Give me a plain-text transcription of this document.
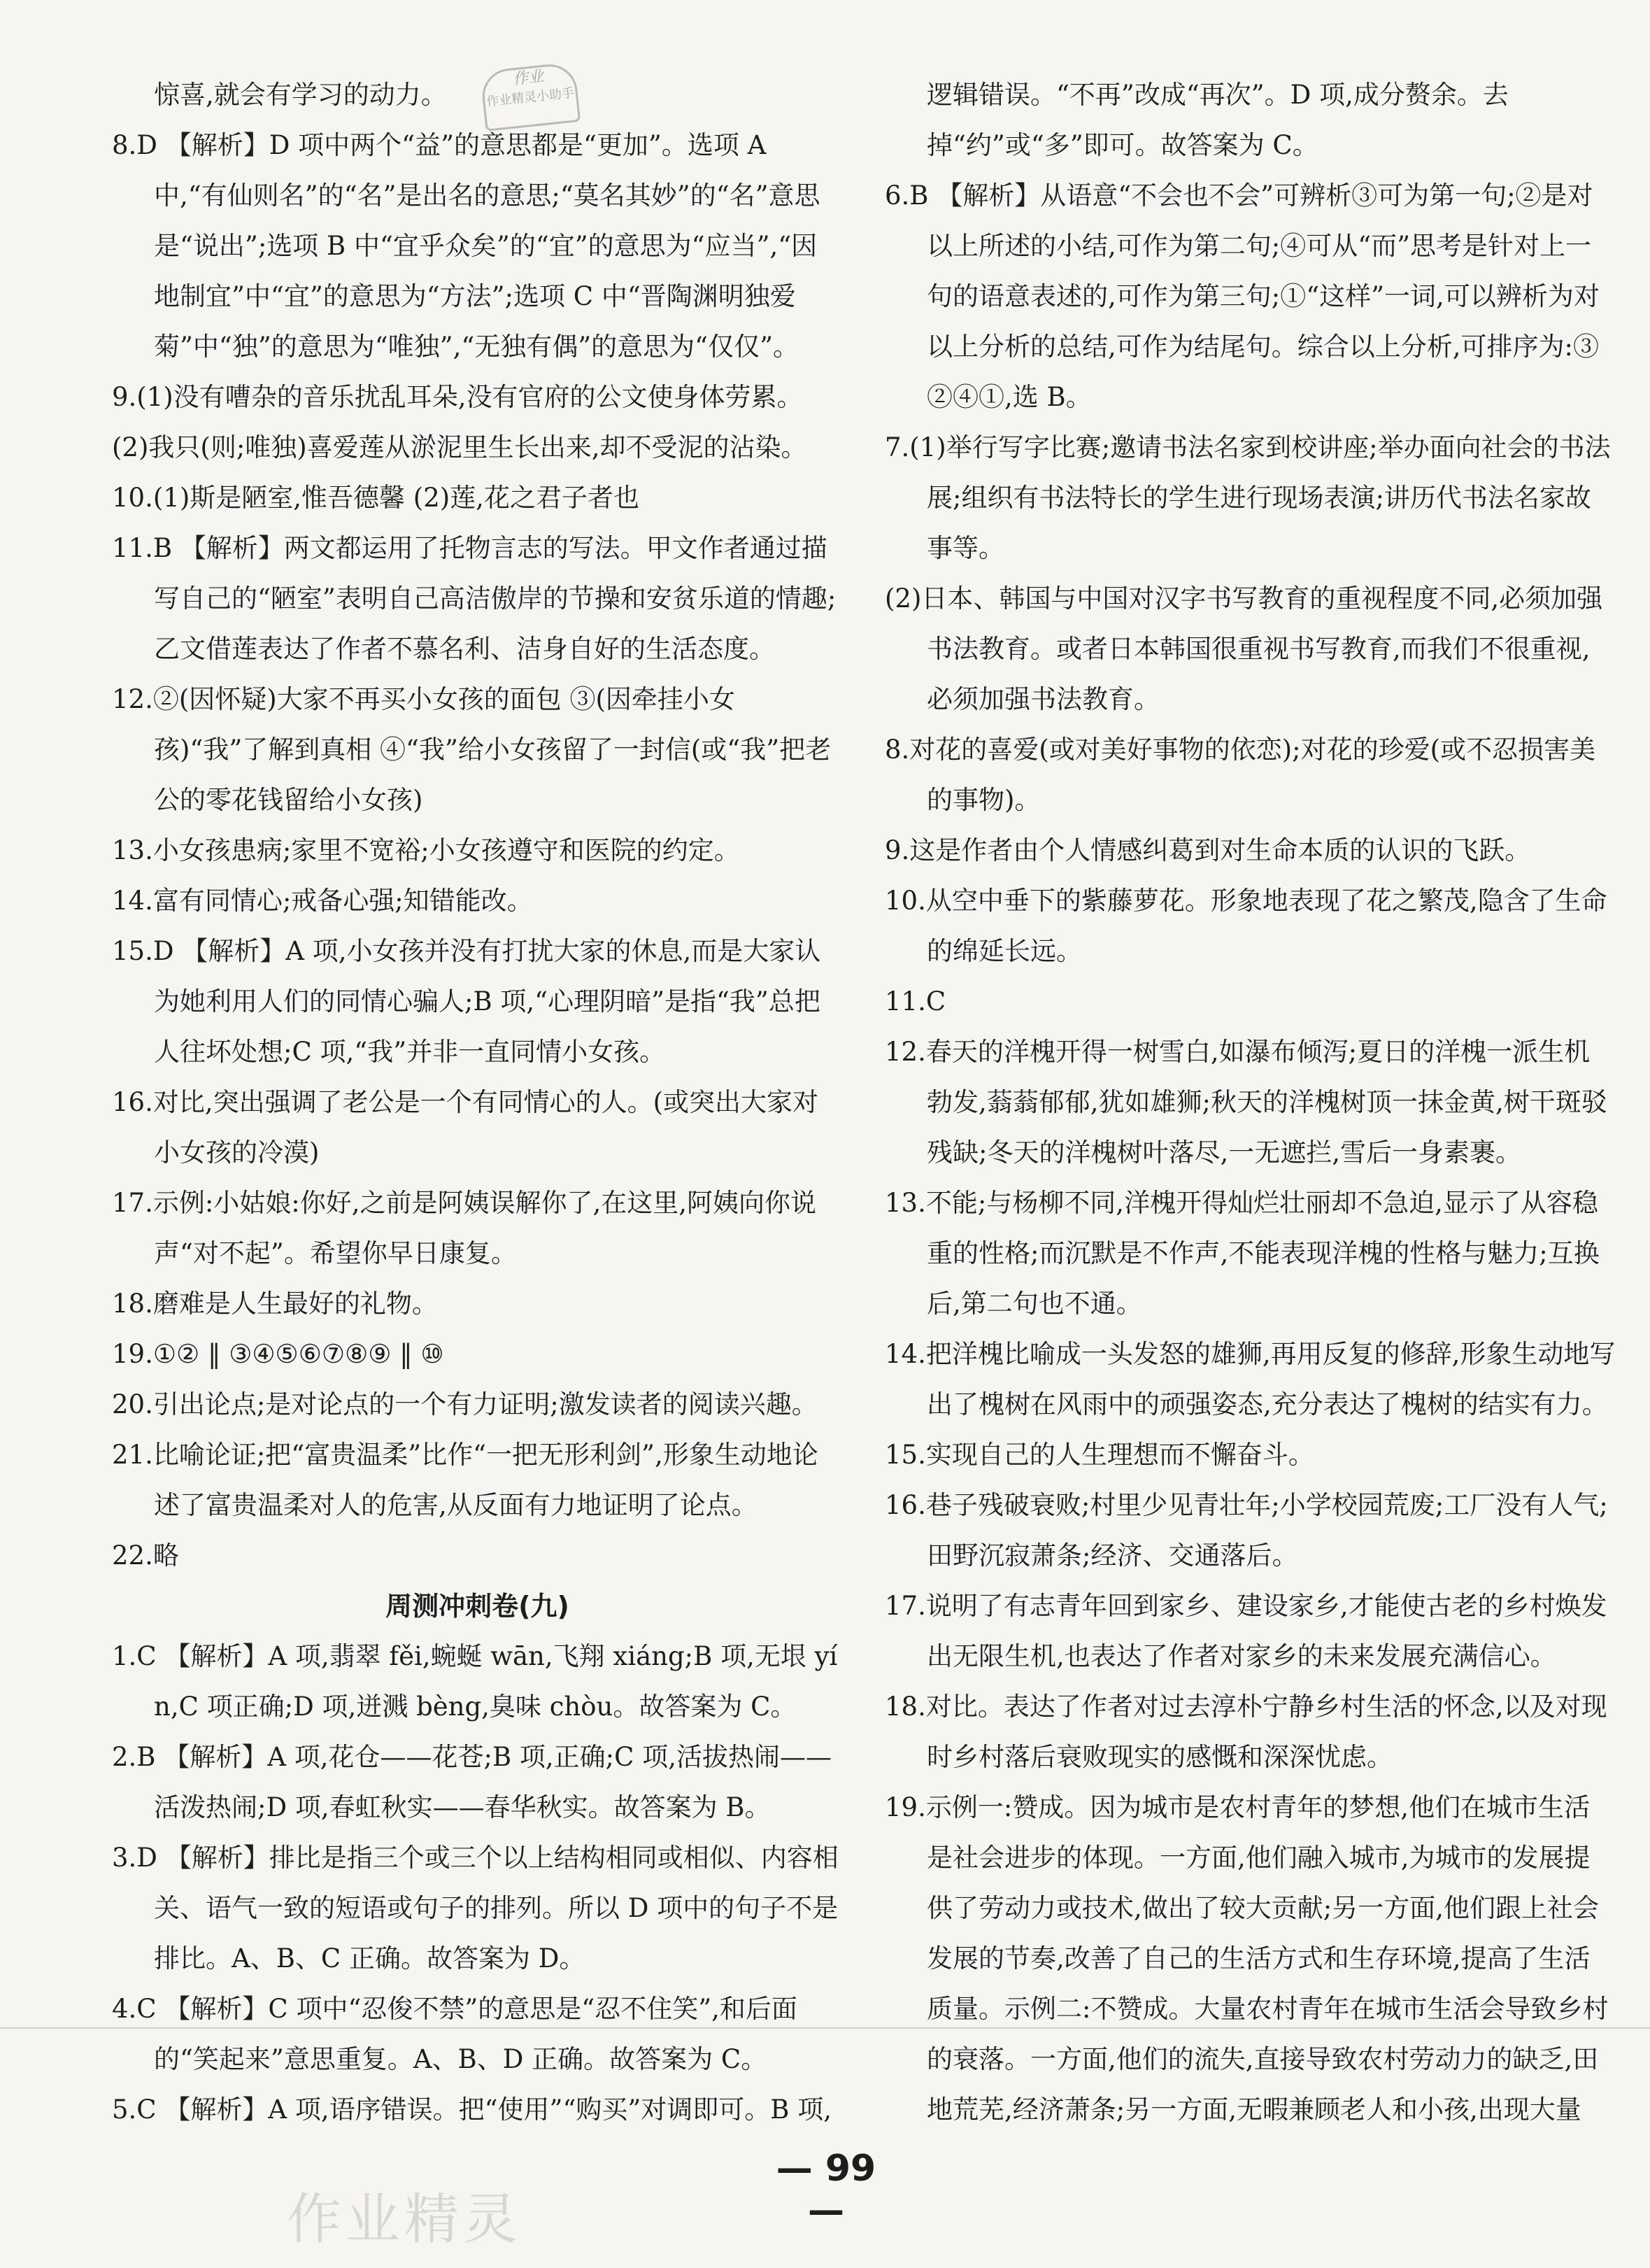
作业
作业精灵小助手

惊喜,就会有学习的动力。

8.D 【解析】D 项中两个“益”的意思都是“更加”。选项 A 中,“有仙则名”的“名”是出名的意思;“莫名其妙”的“名”意思是“说出”;选项 B 中“宜乎众矣”的“宜”的意思为“应当”,“因地制宜”中“宜”的意思为“方法”;选项 C 中“晋陶渊明独爱菊”中“独”的意思为“唯独”,“无独有偶”的意思为“仅仅”。

9.(1)没有嘈杂的音乐扰乱耳朵,没有官府的公文使身体劳累。

(2)我只(则;唯独)喜爱莲从淤泥里生长出来,却不受泥的沾染。

10.(1)斯是陋室,惟吾德馨 (2)莲,花之君子者也

11.B 【解析】两文都运用了托物言志的写法。甲文作者通过描写自己的“陋室”表明自己高洁傲岸的节操和安贫乐道的情趣;乙文借莲表达了作者不慕名利、洁身自好的生活态度。

12.②(因怀疑)大家不再买小女孩的面包 ③(因牵挂小女孩)“我”了解到真相 ④“我”给小女孩留了一封信(或“我”把老公的零花钱留给小女孩)

13.小女孩患病;家里不宽裕;小女孩遵守和医院的约定。

14.富有同情心;戒备心强;知错能改。

15.D 【解析】A 项,小女孩并没有打扰大家的休息,而是大家认为她利用人们的同情心骗人;B 项,“心理阴暗”是指“我”总把人往坏处想;C 项,“我”并非一直同情小女孩。

16.对比,突出强调了老公是一个有同情心的人。(或突出大家对小女孩的冷漠)

17.示例:小姑娘:你好,之前是阿姨误解你了,在这里,阿姨向你说声“对不起”。希望你早日康复。

18.磨难是人生最好的礼物。

19.①② ‖ ③④⑤⑥⑦⑧⑨ ‖ ⑩

20.引出论点;是对论点的一个有力证明;激发读者的阅读兴趣。

21.比喻论证;把“富贵温柔”比作“一把无形利剑”,形象生动地论述了富贵温柔对人的危害,从反面有力地证明了论点。

22.略

周测冲刺卷(九)

1.C 【解析】A 项,翡翠 fěi,蜿蜒 wān,飞翔 xiáng;B 项,无垠 yín,C 项正确;D 项,迸溅 bèng,臭味 chòu。故答案为 C。

2.B 【解析】A 项,花仓——花苍;B 项,正确;C 项,活拔热闹——活泼热闹;D 项,春虹秋实——春华秋实。故答案为 B。

3.D 【解析】排比是指三个或三个以上结构相同或相似、内容相关、语气一致的短语或句子的排列。所以 D 项中的句子不是排比。A、B、C 正确。故答案为 D。

4.C 【解析】C 项中“忍俊不禁”的意思是“忍不住笑”,和后面的“笑起来”意思重复。A、B、D 正确。故答案为 C。

5.C 【解析】A 项,语序错误。把“使用”“购买”对调即可。B 项,

逻辑错误。“不再”改成“再次”。D 项,成分赘余。去掉“约”或“多”即可。故答案为 C。

6.B 【解析】从语意“不会也不会”可辨析③可为第一句;②是对以上所述的小结,可作为第二句;④可从“而”思考是针对上一句的语意表述的,可作为第三句;①“这样”一词,可以辨析为对以上分析的总结,可作为结尾句。综合以上分析,可排序为:③②④①,选 B。

7.(1)举行写字比赛;邀请书法名家到校讲座;举办面向社会的书法展;组织有书法特长的学生进行现场表演;讲历代书法名家故事等。

(2)日本、韩国与中国对汉字书写教育的重视程度不同,必须加强书法教育。或者日本韩国很重视书写教育,而我们不很重视,必须加强书法教育。

8.对花的喜爱(或对美好事物的依恋);对花的珍爱(或不忍损害美的事物)。

9.这是作者由个人情感纠葛到对生命本质的认识的飞跃。

10.从空中垂下的紫藤萝花。形象地表现了花之繁茂,隐含了生命的绵延长远。

11.C

12.春天的洋槐开得一树雪白,如瀑布倾泻;夏日的洋槐一派生机勃发,蓊蓊郁郁,犹如雄狮;秋天的洋槐树顶一抹金黄,树干斑驳残缺;冬天的洋槐树叶落尽,一无遮拦,雪后一身素裹。

13.不能;与杨柳不同,洋槐开得灿烂壮丽却不急迫,显示了从容稳重的性格;而沉默是不作声,不能表现洋槐的性格与魅力;互换后,第二句也不通。

14.把洋槐比喻成一头发怒的雄狮,再用反复的修辞,形象生动地写出了槐树在风雨中的顽强姿态,充分表达了槐树的结实有力。

15.实现自己的人生理想而不懈奋斗。

16.巷子残破衰败;村里少见青壮年;小学校园荒废;工厂没有人气;田野沉寂萧条;经济、交通落后。

17.说明了有志青年回到家乡、建设家乡,才能使古老的乡村焕发出无限生机,也表达了作者对家乡的未来发展充满信心。

18.对比。表达了作者对过去淳朴宁静乡村生活的怀念,以及对现时乡村落后衰败现实的感慨和深深忧虑。

19.示例一:赞成。因为城市是农村青年的梦想,他们在城市生活是社会进步的体现。一方面,他们融入城市,为城市的发展提供了劳动力或技术,做出了较大贡献;另一方面,他们跟上社会发展的节奏,改善了自己的生活方式和生存环境,提高了生活质量。示例二:不赞成。大量农村青年在城市生活会导致乡村的衰落。一方面,他们的流失,直接导致农村劳动力的缺乏,田地荒芜,经济萧条;另一方面,无暇兼顾老人和小孩,出现大量

— 99 —
作业精灵
